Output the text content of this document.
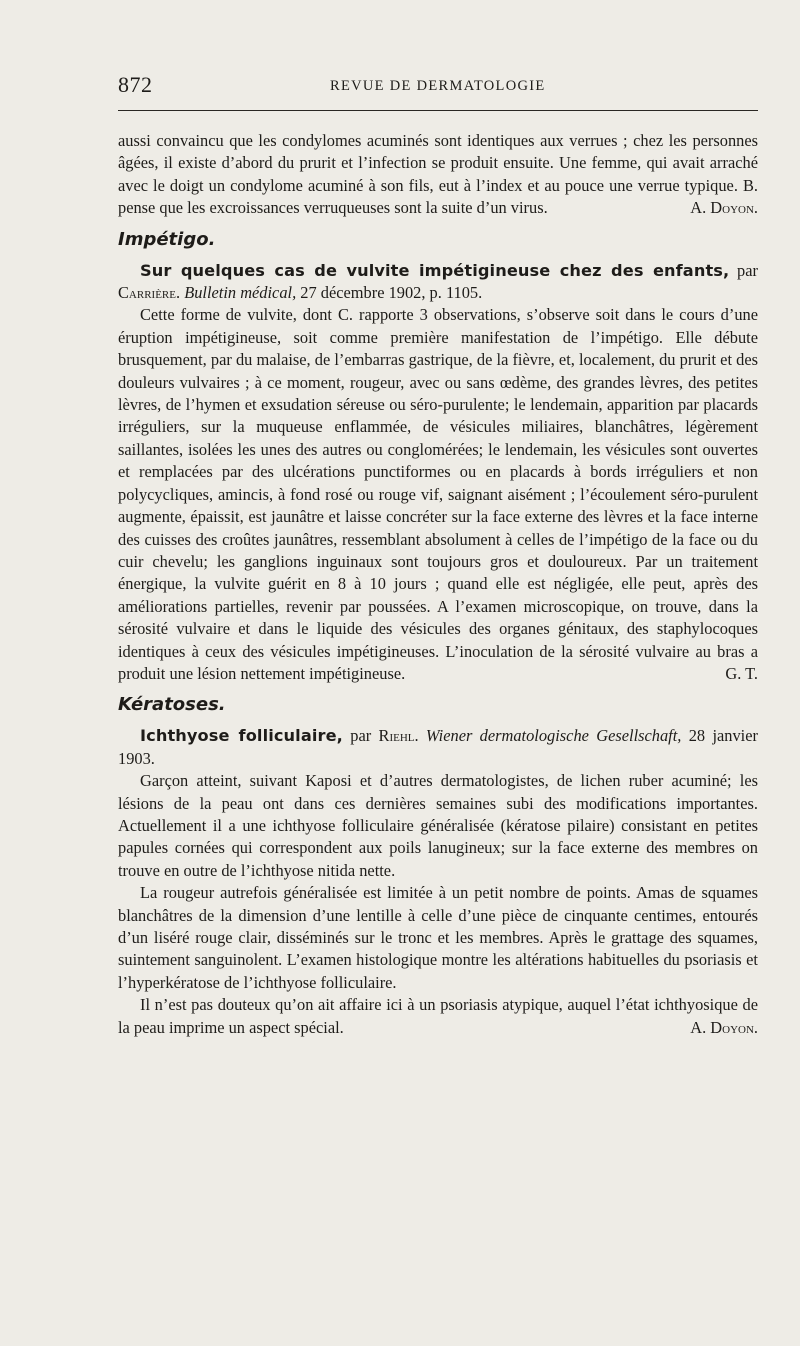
872	REVUE DE DERMATOLOGIE

aussi convaincu que les condylomes acuminés sont identiques aux verrues ; chez les personnes âgées, il existe d’abord du prurit et l’infection se produit ensuite. Une femme, qui avait arraché avec le doigt un condylome acuminé à son fils, eut à l’index et au pouce une verrue typique. B. pense que les excroissances verruqueuses sont la suite d’un virus.	A. Doyon.

Impétigo.

Sur quelques cas de vulvite impétigineuse chez des enfants, par Carrière. Bulletin médical, 27 décembre 1902, p. 1105.

Cette forme de vulvite, dont C. rapporte 3 observations, s’observe soit dans le cours d’une éruption impétigineuse, soit comme première manifestation de l’impétigo. Elle débute brusquement, par du malaise, de l’embarras gastrique, de la fièvre, et, localement, du prurit et des douleurs vulvaires ; à ce moment, rougeur, avec ou sans œdème, des grandes lèvres, des petites lèvres, de l’hymen et exsudation séreuse ou séro-purulente; le lendemain, apparition par placards irréguliers, sur la muqueuse enflammée, de vésicules miliaires, blanchâtres, légèrement saillantes, isolées les unes des autres ou conglomérées; le lendemain, les vésicules sont ouvertes et remplacées par des ulcérations punctiformes ou en placards à bords irréguliers et non polycycliques, amincis, à fond rosé ou rouge vif, saignant aisément ; l’écoulement séro-purulent augmente, épaissit, est jaunâtre et laisse concréter sur la face externe des lèvres et la face interne des cuisses des croûtes jaunâtres, ressemblant absolument à celles de l’impétigo de la face ou du cuir chevelu; les ganglions inguinaux sont toujours gros et douloureux. Par un traitement énergique, la vulvite guérit en 8 à 10 jours ; quand elle est négligée, elle peut, après des améliorations partielles, revenir par poussées. A l’examen microscopique, on trouve, dans la sérosité vulvaire et dans le liquide des vésicules des organes génitaux, des staphylocoques identiques à ceux des vésicules impétigineuses. L’inoculation de la sérosité vulvaire au bras a produit une lésion nettement impétigineuse.	G. T.

Kératoses.

Ichthyose folliculaire, par Riehl. Wiener dermatologische Gesellschaft, 28 janvier 1903.

Garçon atteint, suivant Kaposi et d’autres dermatologistes, de lichen ruber acuminé; les lésions de la peau ont dans ces dernières semaines subi des modifications importantes. Actuellement il a une ichthyose folliculaire généralisée (kératose pilaire) consistant en petites papules cornées qui correspondent aux poils lanugineux; sur la face externe des membres on trouve en outre de l’ichthyose nitida nette.

La rougeur autrefois généralisée est limitée à un petit nombre de points. Amas de squames blanchâtres de la dimension d’une lentille à celle d’une pièce de cinquante centimes, entourés d’un liséré rouge clair, disséminés sur le tronc et les membres. Après le grattage des squames, suintement sanguinolent. L’examen histologique montre les altérations habituelles du psoriasis et l’hyperkératose de l’ichthyose folliculaire.

Il n’est pas douteux qu’on ait affaire ici à un psoriasis atypique, auquel l’état ichthyosique de la peau imprime un aspect spécial.	A. Doyon.
